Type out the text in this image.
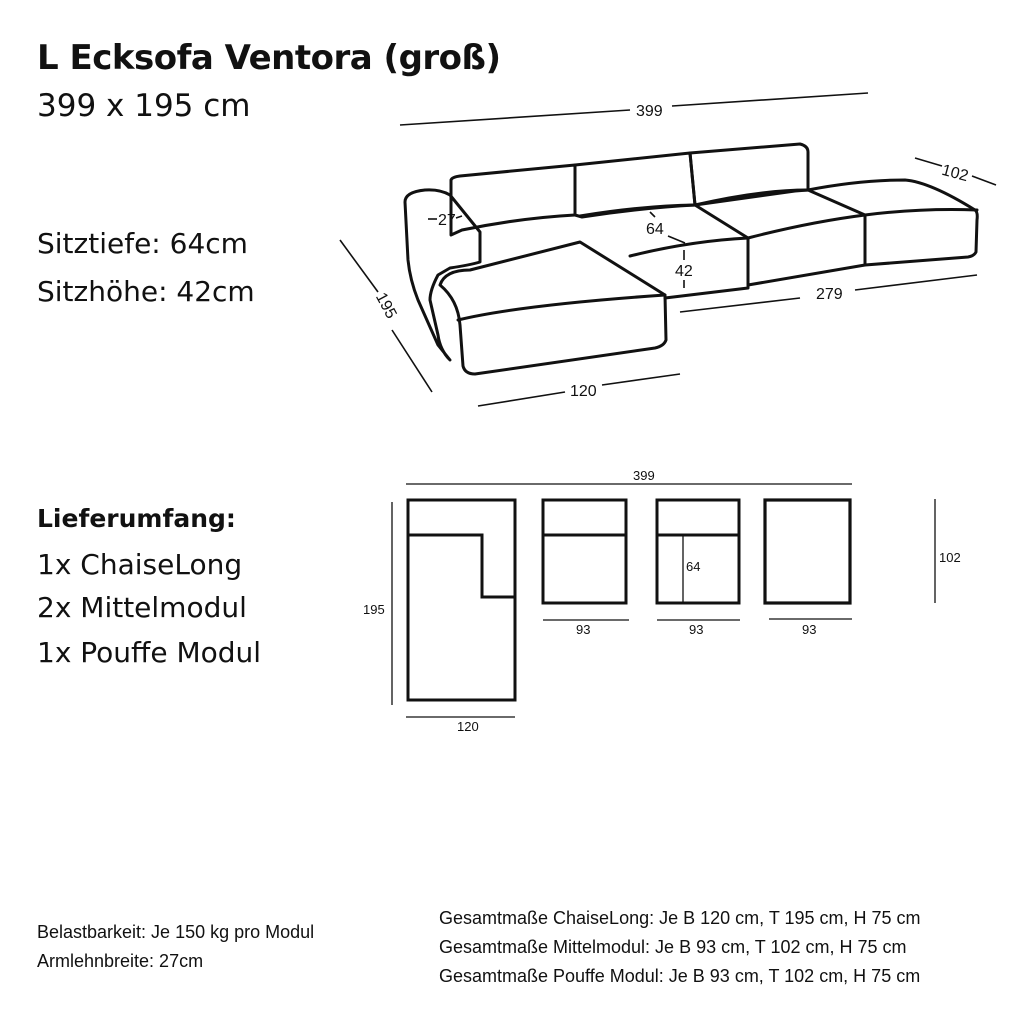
L Ecksofa Ventora (groß)
399 x 195 cm
Sitztiefe: 64cm
Sitzhöhe: 42cm
Lieferumfang:
1x ChaiseLong
2x Mittelmodul
1x Pouffe Modul
399
102
195
27
64
42
279
120
399
195
102
64
120
93	93	93
Belastbarkeit: Je 150 kg pro Modul
Armlehnbreite: 27cm
Gesamtmaße ChaiseLong: Je B 120 cm, T 195 cm, H 75 cm
Gesamtmaße Mittelmodul: Je B 93 cm, T 102 cm, H 75 cm
Gesamtmaße Pouffe Modul: Je B 93 cm, T 102 cm, H 75 cm
